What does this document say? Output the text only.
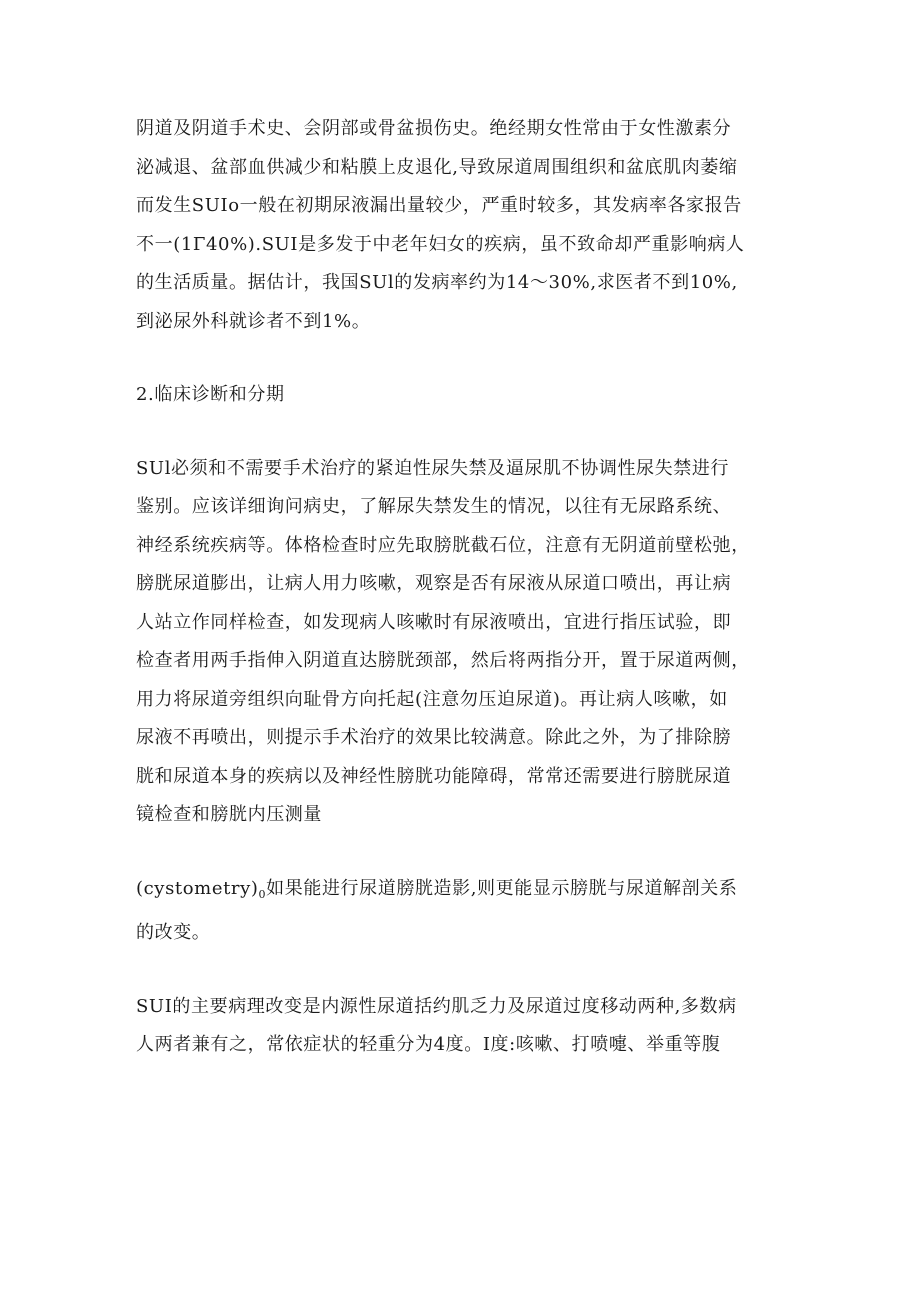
阴道及阴道手术史、会阴部或骨盆损伤史。绝经期女性常由于女性激素分
泌减退、盆部血供减少和粘膜上皮退化,导致尿道周围组织和盆底肌肉萎缩
而发生SUIo一般在初期尿液漏出量较少，严重时较多，其发病率各家报告
不一(1Γ40%).SUI是多发于中老年妇女的疾病，虽不致命却严重影响病人
的生活质量。据估计，我国SUl的发病率约为14～30%,求医者不到10%,
到泌尿外科就诊者不到1%。
2.临床诊断和分期
SUl必须和不需要手术治疗的紧迫性尿失禁及逼尿肌不协调性尿失禁进行
鉴别。应该详细询问病史，了解尿失禁发生的情况，以往有无尿路系统、
神经系统疾病等。体格检查时应先取膀胱截石位，注意有无阴道前壁松弛，
膀胱尿道膨出，让病人用力咳嗽，观察是否有尿液从尿道口喷出，再让病
人站立作同样检查，如发现病人咳嗽时有尿液喷出，宜进行指压试验，即
检查者用两手指伸入阴道直达膀胱颈部，然后将两指分开，置于尿道两侧，
用力将尿道旁组织向耻骨方向托起(注意勿压迫尿道)。再让病人咳嗽，如
尿液不再喷出，则提示手术治疗的效果比较满意。除此之外，为了排除膀
胱和尿道本身的疾病以及神经性膀胱功能障碍，常常还需要进行膀胱尿道
镜检查和膀胱内压测量
$(cystometry)_0$如果能进行尿道膀胱造影,则更能显示膀胱与尿道解剖关系
的改变。
SUI的主要病理改变是内源性尿道括约肌乏力及尿道过度移动两种,多数病
人两者兼有之，常依症状的轻重分为4度。I度:咳嗽、打喷嚏、举重等腹
